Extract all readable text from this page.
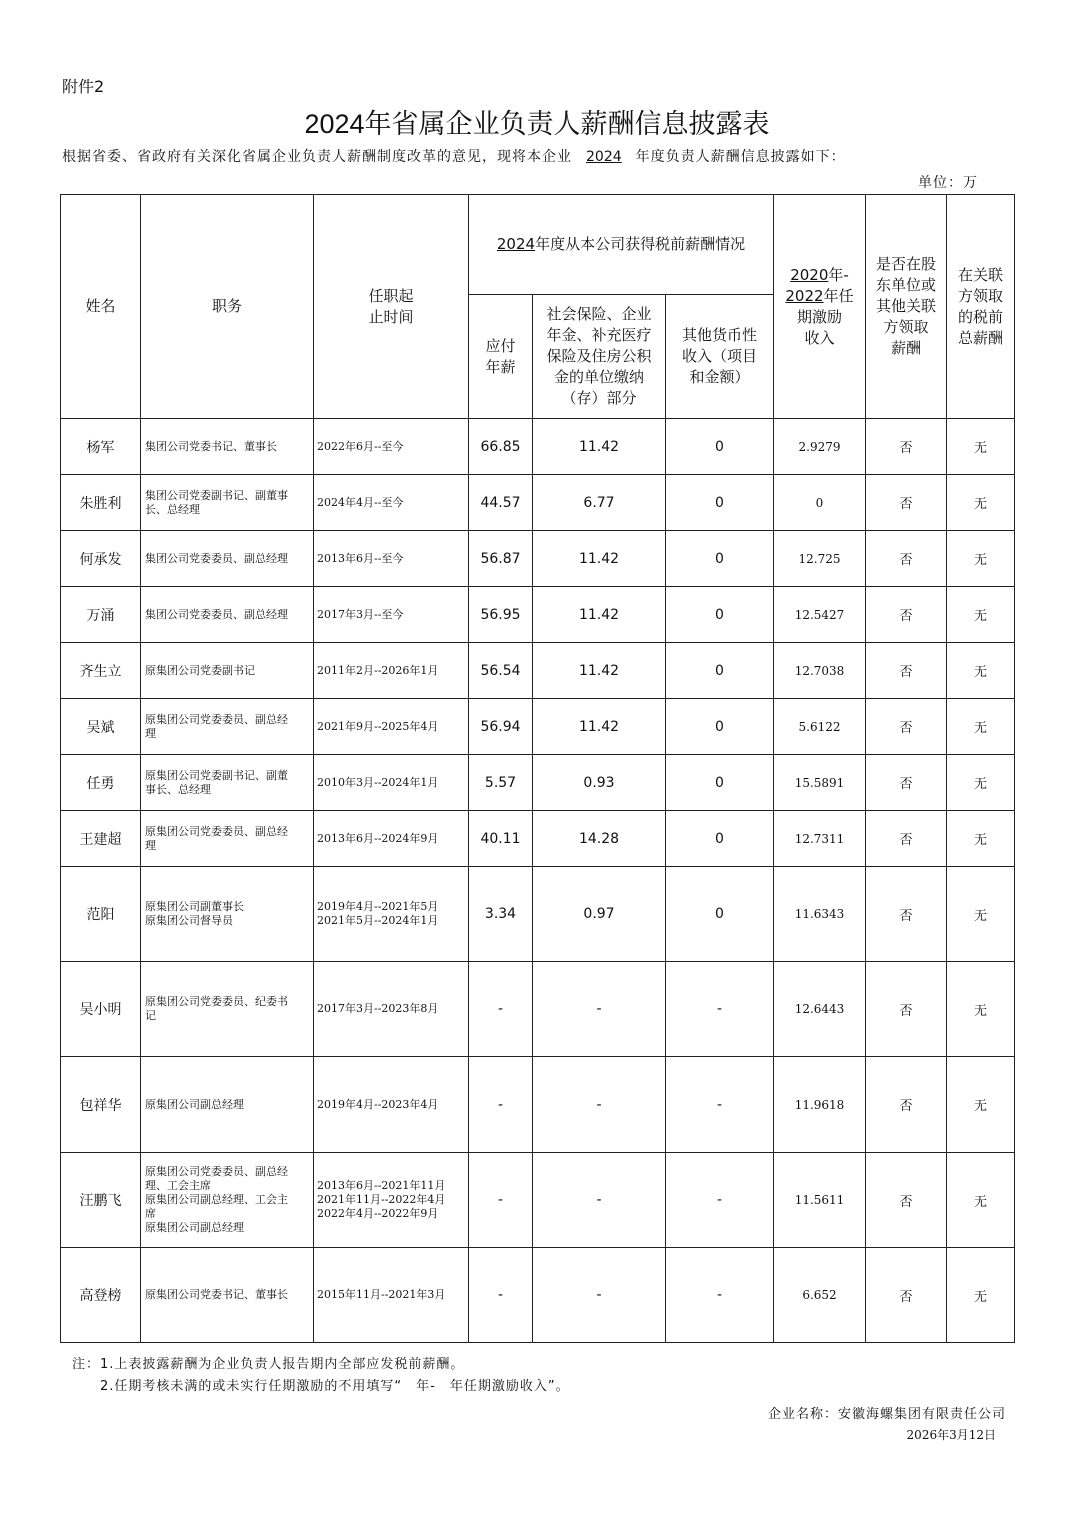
附件2
2024年省属企业负责人薪酬信息披露表
根据省委、省政府有关深化省属企业负责人薪酬制度改革的意见，现将本企业 2024 年度负责人薪酬信息披露如下：
单位：万
姓名	职务	任职起
止时间	2024年度从本公司获得税前薪酬情况			2020年-
2022年任
期激励
收入	是否在股
东单位或
其他关联
方领取
薪酬	在关联
方领取
的税前
总薪酬

			应付
年薪	社会保险、企业
年金、补充医疗
保险及住房公积
金的单位缴纳
（存）部分	其他货币性
收入（项目
和金额）			

杨军	集团公司党委书记、董事长	2022年6月--至今	66.85	11.42	0	2.9279	否	无
朱胜利	集团公司党委副书记、副董事
长、总经理	2024年4月--至今	44.57	6.77	0	0	否	无
何承发	集团公司党委委员、副总经理	2013年6月--至今	56.87	11.42	0	12.725	否	无
万涌	集团公司党委委员、副总经理	2017年3月--至今	56.95	11.42	0	12.5427	否	无
齐生立	原集团公司党委副书记	2011年2月--2026年1月	56.54	11.42	0	12.7038	否	无
吴斌	原集团公司党委委员、副总经
理	2021年9月--2025年4月	56.94	11.42	0	5.6122	否	无
任勇	原集团公司党委副书记、副董
事长、总经理	2010年3月--2024年1月	5.57	0.93	0	15.5891	否	无
王建超	原集团公司党委委员、副总经
理	2013年6月--2024年9月	40.11	14.28	0	12.7311	否	无
范阳	原集团公司副董事长
原集团公司督导员	2019年4月--2021年5月
2021年5月--2024年1月	3.34	0.97	0	11.6343	否	无
吴小明	原集团公司党委委员、纪委书
记	2017年3月--2023年8月	-	-	-	12.6443	否	无
包祥华	原集团公司副总经理	2019年4月--2023年4月	-	-	-	11.9618	否	无
汪鹏飞	原集团公司党委委员、副总经
理、工会主席
原集团公司副总经理、工会主
席
原集团公司副总经理	2013年6月--2021年11月
2021年11月--2022年4月
2022年4月--2022年9月	-	-	-	11.5611	否	无
高登榜	原集团公司党委书记、董事长	2015年11月--2021年3月	-	-	-	6.652	否	无
注：1.上表披露薪酬为企业负责人报告期内全部应发税前薪酬。
2.任期考核未满的或未实行任期激励的不用填写“　年-　年任期激励收入”。
企业名称：安徽海螺集团有限责任公司
2026年3月12日
